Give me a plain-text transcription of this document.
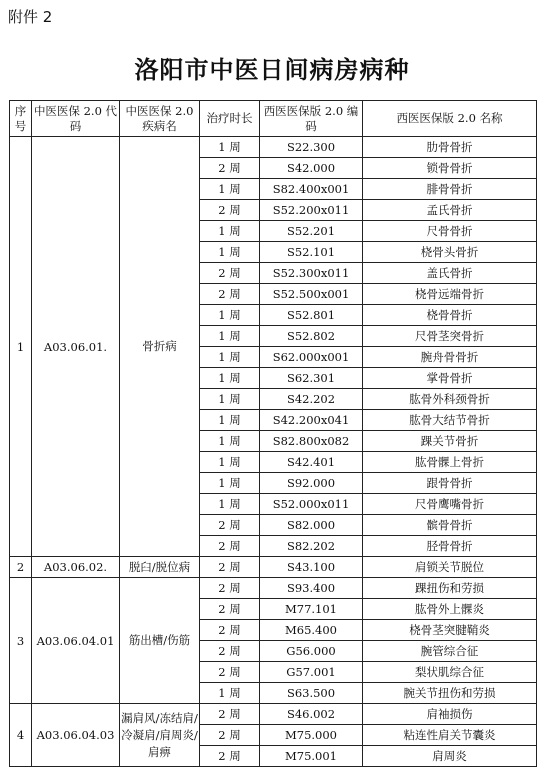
附件 2
洛阳市中医日间病房病种
序号	中医医保 2.0 代码	中医医保 2.0 疾病名	治疗时长	西医医保版 2.0 编码	西医医保版 2.0 名称
1	A03.06.01.	骨折病	1 周	S22.300	肋骨骨折
			2 周	S42.000	锁骨骨折
			1 周	S82.400x001	腓骨骨折
			2 周	S52.200x011	孟氏骨折
			1 周	S52.201	尺骨骨折
			1 周	S52.101	桡骨头骨折
			2 周	S52.300x011	盖氏骨折
			2 周	S52.500x001	桡骨远端骨折
			1 周	S52.801	桡骨骨折
			1 周	S52.802	尺骨茎突骨折
			1 周	S62.000x001	腕舟骨骨折
			1 周	S62.301	掌骨骨折
			1 周	S42.202	肱骨外科颈骨折
			1 周	S42.200x041	肱骨大结节骨折
			1 周	S82.800x082	踝关节骨折
			1 周	S42.401	肱骨髁上骨折
			1 周	S92.000	跟骨骨折
			1 周	S52.000x011	尺骨鹰嘴骨折
			2 周	S82.000	髌骨骨折
			2 周	S82.202	胫骨骨折
2	A03.06.02.	脱臼/脱位病	2 周	S43.100	肩锁关节脱位
3	A03.06.04.01	筋出槽/伤筋	2 周	S93.400	踝扭伤和劳损
			2 周	M77.101	肱骨外上髁炎
			2 周	M65.400	桡骨茎突腱鞘炎
			2 周	G56.000	腕管综合征
			2 周	G57.001	梨状肌综合征
			1 周	S63.500	腕关节扭伤和劳损
4	A03.06.04.03	漏肩风/冻结肩/冷凝肩/肩周炎/肩痹	2 周	S46.002	肩袖损伤
			2 周	M75.000	粘连性肩关节囊炎
			2 周	M75.001	肩周炎
